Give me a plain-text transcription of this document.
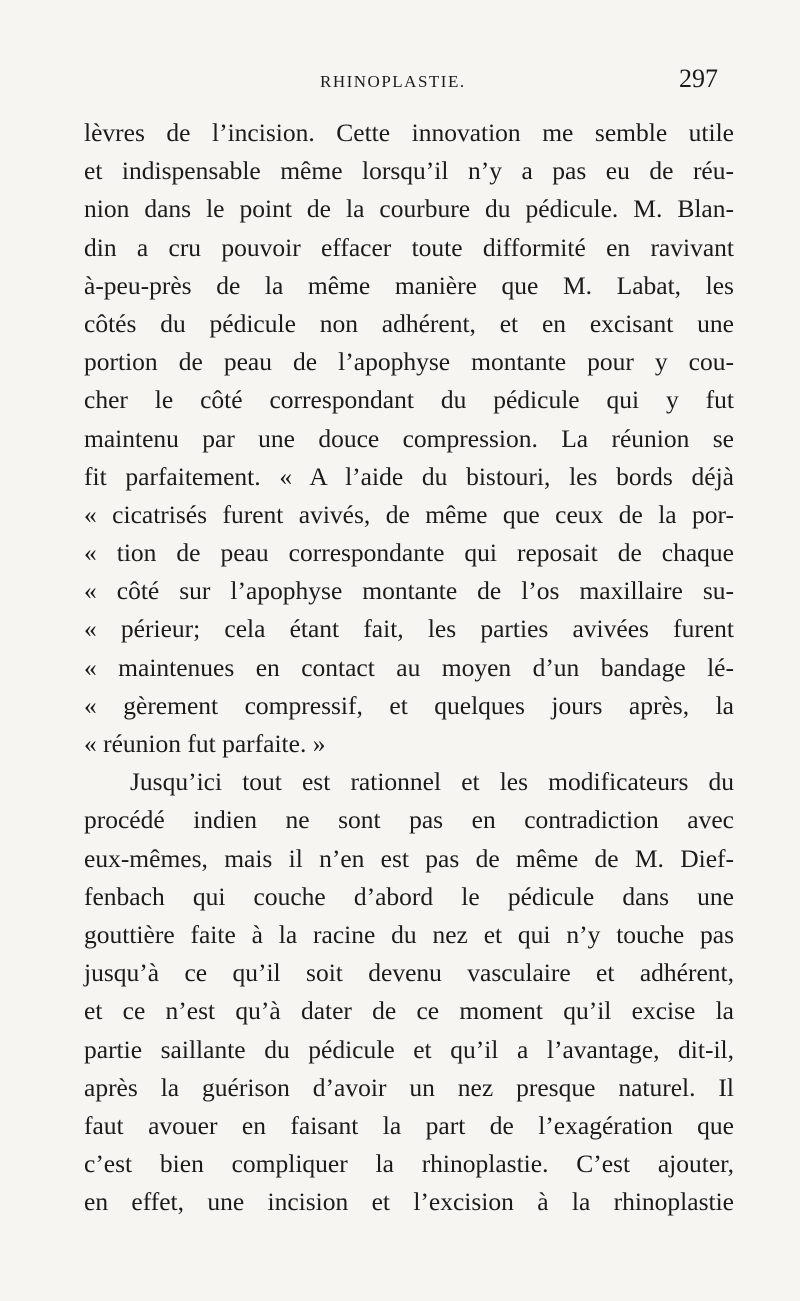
RHINOPLASTIE.	297
lèvres de l’incision. Cette innovation me semble utile
et indispensable même lorsqu’il n’y a pas eu de réu-
nion dans le point de la courbure du pédicule. M. Blan-
din a cru pouvoir effacer toute difformité en ravivant
à-peu-près de la même manière que M. Labat, les
côtés du pédicule non adhérent, et en excisant une
portion de peau de l’apophyse montante pour y cou-
cher le côté correspondant du pédicule qui y fut
maintenu par une douce compression. La réunion se
fit parfaitement. « A l’aide du bistouri, les bords déjà
« cicatrisés furent avivés, de même que ceux de la por-
« tion de peau correspondante qui reposait de chaque
« côté sur l’apophyse montante de l’os maxillaire su-
« périeur; cela étant fait, les parties avivées furent
« maintenues en contact au moyen d’un bandage lé-
« gèrement compressif, et quelques jours après, la
« réunion fut parfaite. »
Jusqu’ici tout est rationnel et les modificateurs du
procédé indien ne sont pas en contradiction avec
eux-mêmes, mais il n’en est pas de même de M. Dief-
fenbach qui couche d’abord le pédicule dans une
gouttière faite à la racine du nez et qui n’y touche pas
jusqu’à ce qu’il soit devenu vasculaire et adhérent,
et ce n’est qu’à dater de ce moment qu’il excise la
partie saillante du pédicule et qu’il a l’avantage, dit-il,
après la guérison d’avoir un nez presque naturel. Il
faut avouer en faisant la part de l’exagération que
c’est bien compliquer la rhinoplastie. C’est ajouter,
en effet, une incision et l’excision à la rhinoplastie
